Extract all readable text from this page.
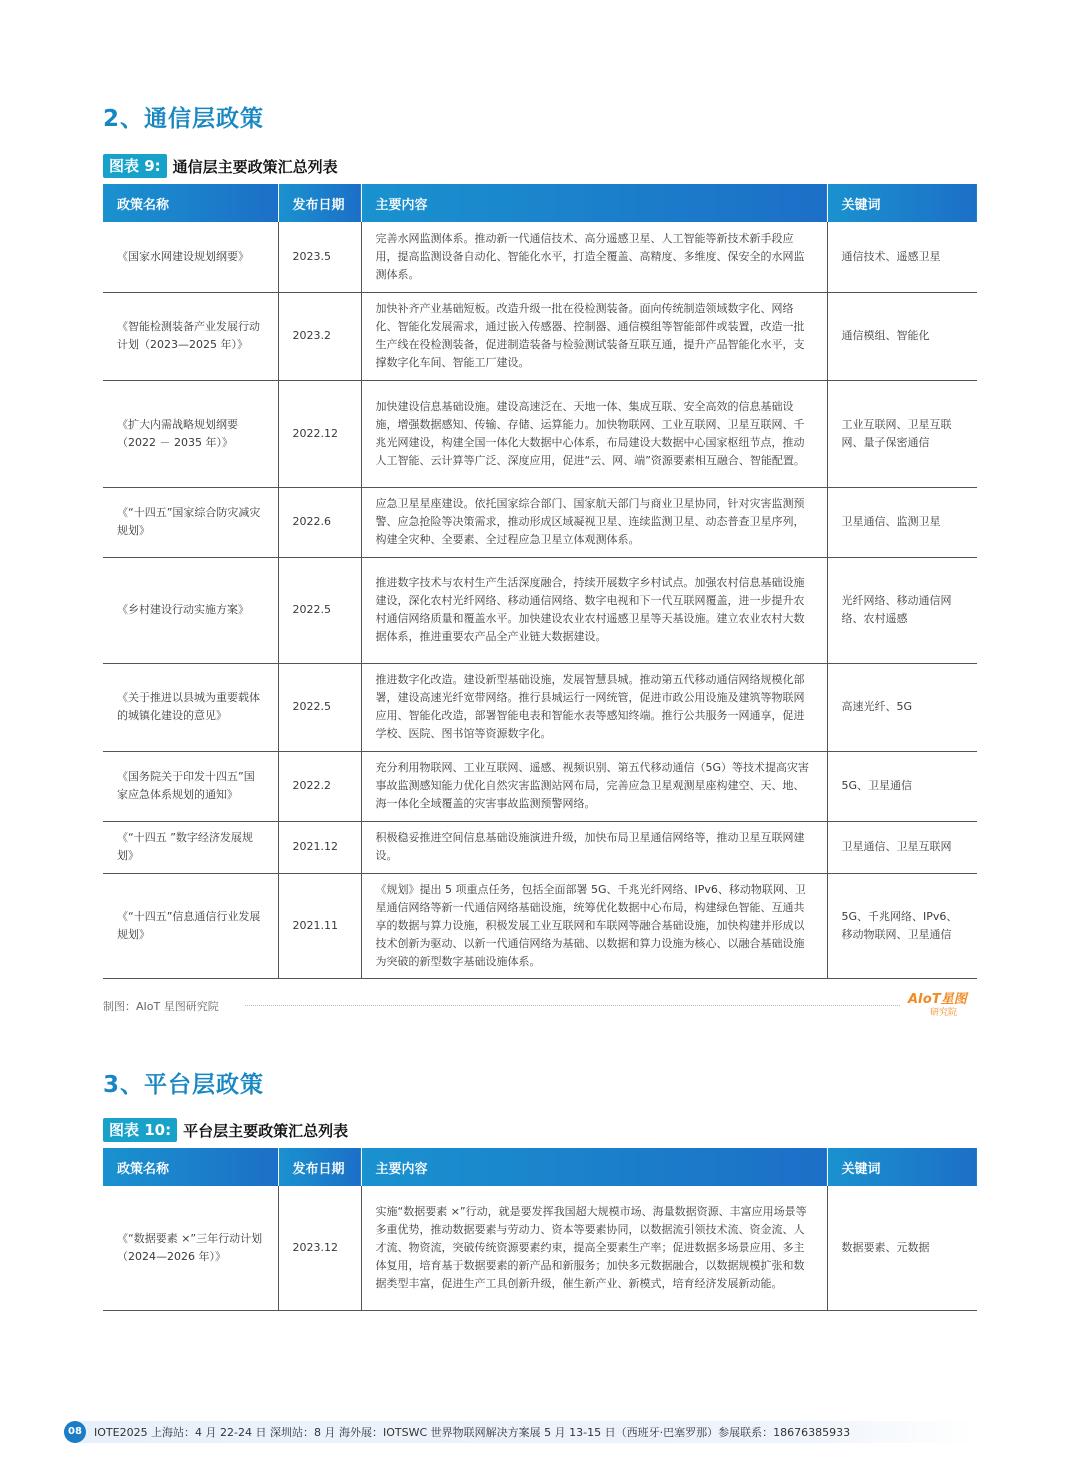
2、通信层政策
图表 9: 通信层主要政策汇总列表
政策名称	发布日期	主要内容	关键词
《国家水网建设规划纲要》	2023.5	完善水网监测体系。推动新一代通信技术、高分遥感卫星、人工智能等新技术新手段应用，提高监测设备自动化、智能化水平，打造全覆盖、高精度、多维度、保安全的水网监测体系。	通信技术、遥感卫星
《智能检测装备产业发展行动计划（2023—2025 年）》	2023.2	加快补齐产业基础短板。改造升级一批在役检测装备。面向传统制造领域数字化、网络化、智能化发展需求，通过嵌入传感器、控制器、通信模组等智能部件或装置，改造一批生产线在役检测装备，促进制造装备与检验测试装备互联互通，提升产品智能化水平，支撑数字化车间、智能工厂建设。	通信模组、智能化
《扩大内需战略规划纲要（2022 － 2035 年）》	2022.12	加快建设信息基础设施。建设高速泛在、天地一体、集成互联、安全高效的信息基础设施，增强数据感知、传输、存储、运算能力。加快物联网、工业互联网、卫星互联网、千兆光网建设，构建全国一体化大数据中心体系，布局建设大数据中心国家枢纽节点，推动人工智能、云计算等广泛、深度应用，促进“云、网、端”资源要素相互融合、智能配置。	工业互联网、卫星互联网、量子保密通信
《“十四五”国家综合防灾减灾规划》	2022.6	应急卫星星座建设。依托国家综合部门、国家航天部门与商业卫星协同，针对灾害监测预警、应急抢险等决策需求，推动形成区域凝视卫星、连续监测卫星、动态普查卫星序列，构建全灾种、全要素、全过程应急卫星立体观测体系。	卫星通信、监测卫星
《乡村建设行动实施方案》	2022.5	推进数字技术与农村生产生活深度融合，持续开展数字乡村试点。加强农村信息基础设施建设，深化农村光纤网络、移动通信网络、数字电视和下一代互联网覆盖，进一步提升农村通信网络质量和覆盖水平。加快建设农业农村遥感卫星等天基设施。建立农业农村大数据体系，推进重要农产品全产业链大数据建设。	光纤网络、移动通信网络、农村遥感
《关于推进以县城为重要载体的城镇化建设的意见》	2022.5	推进数字化改造。建设新型基础设施，发展智慧县城。推动第五代移动通信网络规模化部署，建设高速光纤宽带网络。推行县城运行一网统管，促进市政公用设施及建筑等物联网应用、智能化改造，部署智能电表和智能水表等感知终端。推行公共服务一网通享，促进学校、医院、图书馆等资源数字化。	高速光纤、5G
《国务院关于印发十四五”国家应急体系规划的通知》	2022.2	充分利用物联网、工业互联网、遥感、视频识别、第五代移动通信（5G）等技术提高灾害事故监测感知能力优化自然灾害监测站网布局，完善应急卫星观测星座构建空、天、地、海一体化全域覆盖的灾害事故监测预警网络。	5G、卫星通信
《“十四五 ”数字经济发展规划》	2021.12	积极稳妥推进空间信息基础设施演进升级，加快布局卫星通信网络等，推动卫星互联网建设。	卫星通信、卫星互联网
《“十四五”信息通信行业发展规划》	2021.11	《规划》提出 5 项重点任务，包括全面部署 5G、千兆光纤网络、IPv6、移动物联网、卫星通信网络等新一代通信网络基础设施，统筹优化数据中心布局，构建绿色智能、互通共享的数据与算力设施，积极发展工业互联网和车联网等融合基础设施，加快构建并形成以技术创新为驱动、以新一代通信网络为基础、以数据和算力设施为核心、以融合基础设施为突破的新型数字基础设施体系。	5G、千兆网络、IPv6、移动物联网、卫星通信
制图：AIoT 星图研究院	AIoT星图
研究院
3、平台层政策
图表 10: 平台层主要政策汇总列表
政策名称	发布日期	主要内容	关键词
《“数据要素 ×”三年行动计划（2024—2026 年）》	2023.12	实施“数据要素 ×”行动，就是要发挥我国超大规模市场、海量数据资源、丰富应用场景等多重优势，推动数据要素与劳动力、资本等要素协同，以数据流引领技术流、资金流、人才流、物资流，突破传统资源要素约束，提高全要素生产率；促进数据多场景应用、多主体复用，培育基于数据要素的新产品和新服务；加快多元数据融合，以数据规模扩张和数据类型丰富，促进生产工具创新升级，催生新产业、新模式，培育经济发展新动能。	数据要素、元数据
08	IOTE2025 上海站：4 月 22-24 日 深圳站：8 月 海外展：IOTSWC 世界物联网解决方案展 5 月 13-15 日（西班牙·巴塞罗那）参展联系：18676385933
